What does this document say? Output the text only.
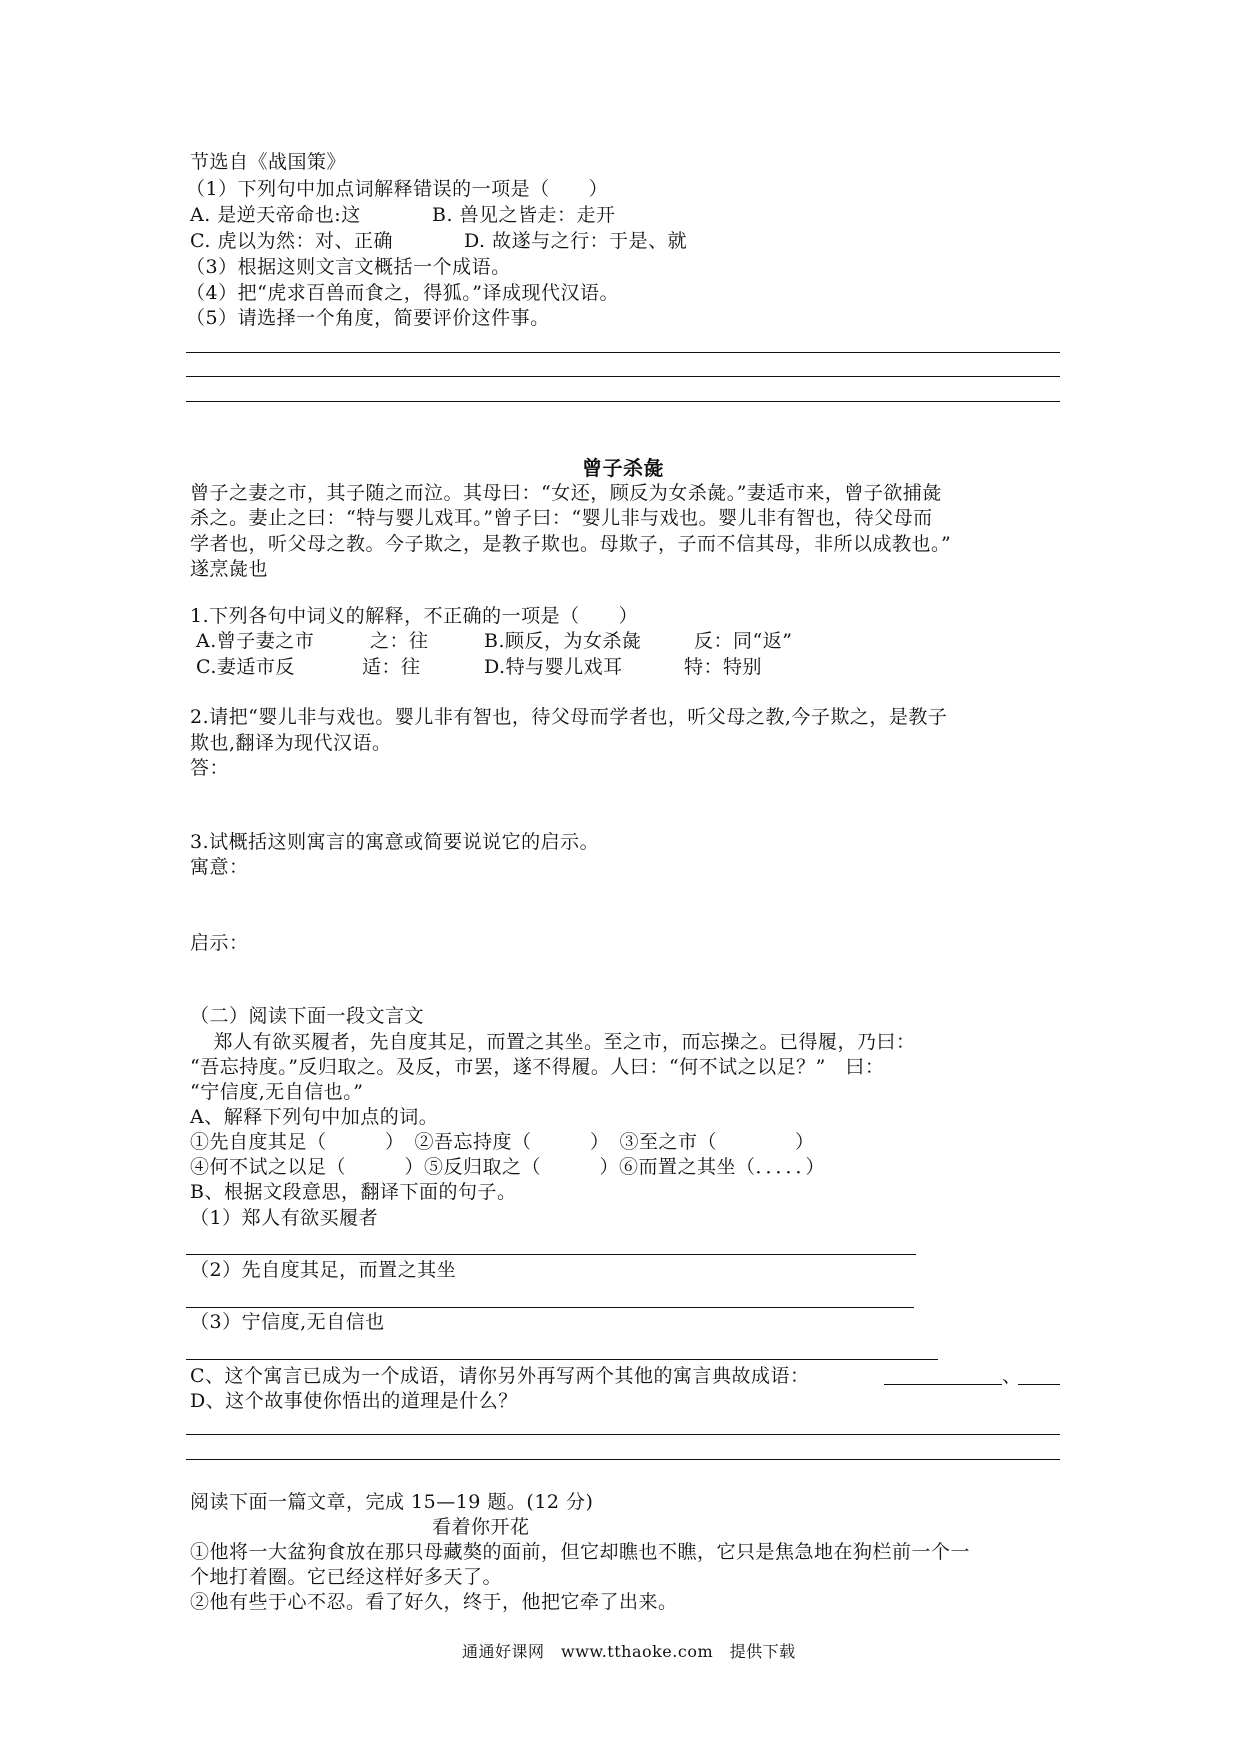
节选自《战国策》
（1）下列句中加点词解释错误的一项是（　　）
A. 是逆天帝命也:这	B. 兽见之皆走：走开
C. 虎以为然：对、正确	D. 故遂与之行：于是、就
（3）根据这则文言文概括一个成语。
（4）把“虎求百兽而食之，得狐。”译成现代汉语。
（5）请选择一个角度，简要评价这件事。
曾子杀彘
曾子之妻之市，其子随之而泣。其母曰：“女还，顾反为女杀彘。”妻适市来，曾子欲捕彘
杀之。妻止之曰：“特与婴儿戏耳。”曾子曰：“婴儿非与戏也。婴儿非有智也，待父母而
学者也，听父母之教。今子欺之，是教子欺也。母欺子，子而不信其母，非所以成教也。”
遂烹彘也
1.下列各句中词义的解释，不正确的一项是（　　）
A.曾子妻之市	之：往	B.顾反，为女杀彘	反：同“返”
C.妻适市反	适：往	D.特与婴儿戏耳	特：特别
2.请把“婴儿非与戏也。婴儿非有智也，待父母而学者也，听父母之教,今子欺之，是教子
欺也,翻译为现代汉语。
答：
3.试概括这则寓言的寓意或简要说说它的启示。
寓意：
启示：
（二）阅读下面一段文言文
　郑人有欲买履者，先自度其足，而置之其坐。至之市，而忘操之。已得履，乃曰：
“吾忘持度。”反归取之。及反，市罢，遂不得履。人曰：“何不试之以足？”　曰：
“宁信度,无自信也。”
A、解释下列句中加点的词。
①先自度其足（　　　）　②吾忘持度（　　　）　③至之市（　　　　）
④何不试之以足（　　　）⑤反归取之（　　　）⑥而置之其坐（．．．．．）
B、根据文段意思，翻译下面的句子。
（1）郑人有欲买履者
（2）先自度其足，而置之其坐
（3）宁信度,无自信也
C、这个寓言已成为一个成语，请你另外再写两个其他的寓言典故成语：	、
D、这个故事使你悟出的道理是什么？
阅读下面一篇文章，完成 15—19 题。(12 分)
看着你开花
①他将一大盆狗食放在那只母藏獒的面前，但它却瞧也不瞧，它只是焦急地在狗栏前一个一
个地打着圈。它已经这样好多天了。
②他有些于心不忍。看了好久，终于，他把它牵了出来。
通通好课网　www.tthaoke.com　提供下载
